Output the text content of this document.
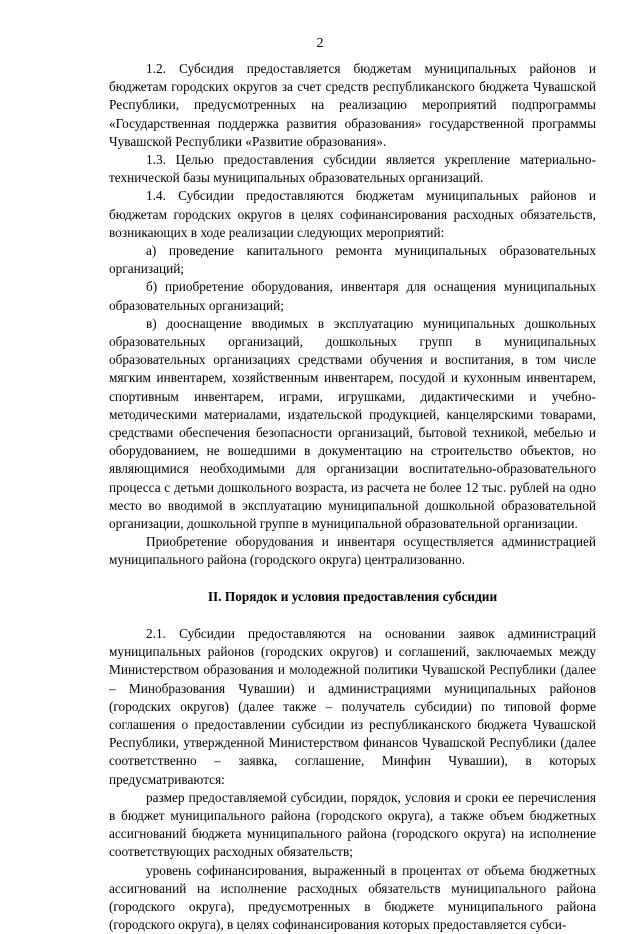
2

1.2. Субсидия предоставляется бюджетам муниципальных районов и бюджетам городских округов за счет средств республиканского бюджета Чувашской Республики, предусмотренных на реализацию мероприятий подпрограммы «Государственная поддержка развития образования» государственной программы Чувашской Республики «Развитие образования».

1.3. Целью предоставления субсидии является укрепление материально-технической базы муниципальных образовательных организаций.

1.4. Субсидии предоставляются бюджетам муниципальных районов и бюджетам городских округов в целях софинансирования расходных обязательств, возникающих в ходе реализации следующих мероприятий:

а) проведение капитального ремонта муниципальных образовательных организаций;

б) приобретение оборудования, инвентаря для оснащения муниципальных образовательных организаций;

в) дооснащение вводимых в эксплуатацию муниципальных дошкольных образовательных организаций, дошкольных групп в муниципальных образовательных организациях средствами обучения и воспитания, в том числе мягким инвентарем, хозяйственным инвентарем, посудой и кухонным инвентарем, спортивным инвентарем, играми, игрушками, дидактическими и учебно-методическими материалами, издательской продукцией, канцелярскими товарами, средствами обеспечения безопасности организаций, бытовой техникой, мебелью и оборудованием, не вошедшими в документацию на строительство объектов, но являющимися необходимыми для организации воспитательно-образовательного процесса с детьми дошкольного возраста, из расчета не более 12 тыс. рублей на одно место во вводимой в эксплуатацию муниципальной дошкольной образовательной организации, дошкольной группе в муниципальной образовательной организации.

Приобретение оборудования и инвентаря осуществляется администрацией муниципального района (городского округа) централизованно.

II. Порядок и условия предоставления субсидии

2.1. Субсидии предоставляются на основании заявок администраций муниципальных районов (городских округов) и соглашений, заключаемых между Министерством образования и молодежной политики Чувашской Республики (далее – Минобразования Чувашии) и администрациями муниципальных районов (городских округов) (далее также – получатель субсидии) по типовой форме соглашения о предоставлении субсидии из республиканского бюджета Чувашской Республики, утвержденной Министерством финансов Чувашской Республики (далее соответственно – заявка, соглашение, Минфин Чувашии), в которых предусматриваются:

размер предоставляемой субсидии, порядок, условия и сроки ее перечисления в бюджет муниципального района (городского округа), а также объем бюджетных ассигнований бюджета муниципального района (городского округа) на исполнение соответствующих расходных обязательств;

уровень софинансирования, выраженный в процентах от объема бюджетных ассигнований на исполнение расходных обязательств муниципального района (городского округа), предусмотренных в бюджете муниципального района (городского округа), в целях софинансирования которых предоставляется субси-
